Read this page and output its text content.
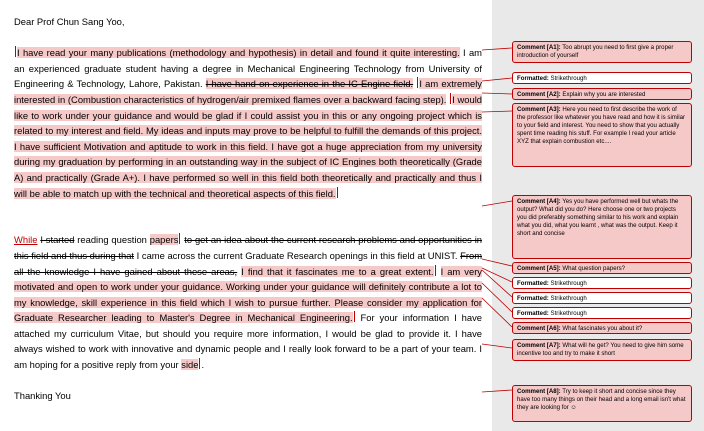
Dear Prof Chun Sang Yoo,

I have read your many publications (methodology and hypothesis) in detail and found it quite interesting. I am an experienced graduate student having a degree in Mechanical Engineering Technology from University of Engineering & Technology, Lahore, Pakistan. I have hand on experience in the IC Engine field. I am extremely interested in (Combustion characteristics of hydrogen/air premixed flames over a backward facing step). I would like to work under your guidance and would be glad if I could assist you in this or any ongoing project which is related to my interest and field. My ideas and inputs may prove to be helpful to fulfill the demands of this project. I have sufficient Motivation and aptitude to work in this field. I have got a huge appreciation from my university during my graduation by performing in an outstanding way in the subject of IC Engines both theoretically (Grade A) and practically (Grade A+). I have performed so well in this field both theoretically and practically and thus I will be able to match up with the technical and theoretical aspects of this field.

While I started reading question papers to get an idea about the current research problems and opportunities in this field and thus during that I came across the current Graduate Research openings in this field at UNIST. From all the knowledge I have gained about these areas, I find that it fascinates me to a great extent. I am very motivated and open to work under your guidance. Working under your guidance will definitely contribute a lot to my knowledge, skill experience in this field which I wish to pursue further. Please consider my application for Graduate Researcher leading to Master's Degree in Mechanical Engineering. For your information I have attached my curriculum Vitae, but should you require more information, I would be glad to provide it. I have always wished to work with innovative and dynamic people and I really look forward to be a part of your team. I am hoping for a positive reply from your side .

Thanking You

Comment [A1]: Too abrupt you need to first give a proper introduction of yourself
Formatted: Strikethrough
Comment [A2]: Explain why you are interested
Comment [A3]: Here you need to first describe the work of the professor like whatever you have read and how it is similar to your field and interest. You need to show that you actually spent time reading his stuff. For example I read your article XYZ that explain combustion etc....
Comment [A4]: Yes you have performed well but whats the output? What did you do? Here choose one or two projects you did preferably something similar to his work and explain what you did, what you learnt , what was the output. Keep it short and concise
Comment [A5]: What question papers?
Formatted: Strikethrough
Formatted: Strikethrough
Formatted: Strikethrough
Comment [A6]: What fascinates you about it?
Comment [A7]: What will he get? You need to give him some incentive too and try to make it short
Comment [A8]: Try to keep it short and concise since they have too many things on their head and a long email isn't what they are looking for ☺
